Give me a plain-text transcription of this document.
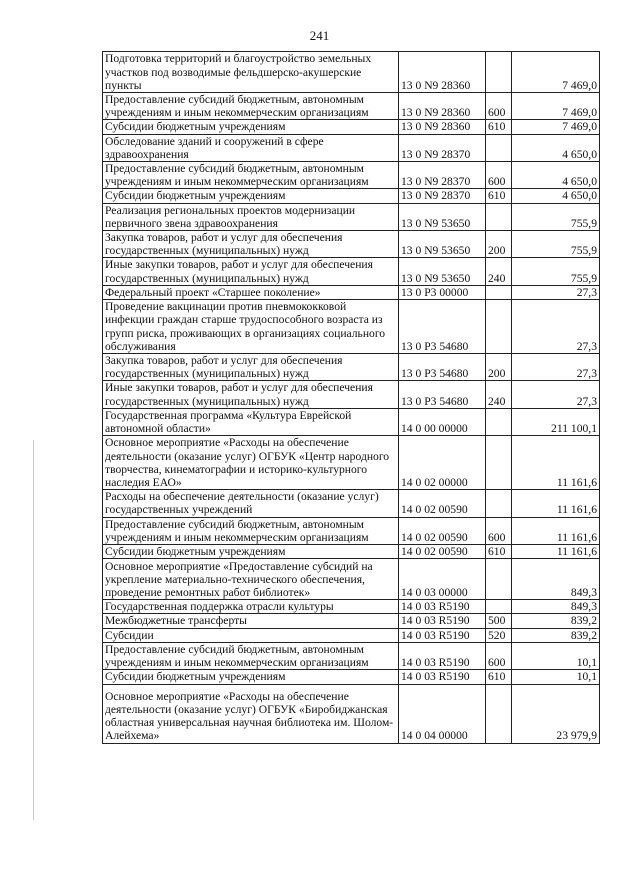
241
Подготовка территорий и благоустройство земельных участков под возводимые фельдшерско-акушерские пункты	13 0 N9 28360		7 469,0
Предоставление субсидий бюджетным, автономным учреждениям и иным некоммерческим организациям	13 0 N9 28360	600	7 469,0
Субсидии бюджетным учреждениям	13 0 N9 28360	610	7 469,0
Обследование зданий и сооружений в сфере здравоохранения	13 0 N9 28370		4 650,0
Предоставление субсидий бюджетным, автономным учреждениям и иным некоммерческим организациям	13 0 N9 28370	600	4 650,0
Субсидии бюджетным учреждениям	13 0 N9 28370	610	4 650,0
Реализация региональных проектов модернизации первичного звена здравоохранения	13 0 N9 53650		755,9
Закупка товаров, работ и услуг для обеспечения государственных (муниципальных) нужд	13 0 N9 53650	200	755,9
Иные закупки товаров, работ и услуг для обеспечения государственных (муниципальных) нужд	13 0 N9 53650	240	755,9
Федеральный проект «Старшее поколение»	13 0 P3 00000		27,3
Проведение вакцинации против пневмококковой инфекции граждан старше трудоспособного возраста из групп риска, проживающих в организациях социального обслуживания	13 0 P3 54680		27,3
Закупка товаров, работ и услуг для обеспечения государственных (муниципальных) нужд	13 0 P3 54680	200	27,3
Иные закупки товаров, работ и услуг для обеспечения государственных (муниципальных) нужд	13 0 P3 54680	240	27,3
Государственная программа «Культура Еврейской автономной области»	14 0 00 00000		211 100,1
Основное мероприятие «Расходы на обеспечение деятельности (оказание услуг) ОГБУК «Центр народного творчества, кинематографии и историко-культурного наследия ЕАО»	14 0 02 00000		11 161,6
Расходы на обеспечение деятельности (оказание услуг) государственных учреждений	14 0 02 00590		11 161,6
Предоставление субсидий бюджетным, автономным учреждениям и иным некоммерческим организациям	14 0 02 00590	600	11 161,6
Субсидии бюджетным учреждениям	14 0 02 00590	610	11 161,6
Основное мероприятие «Предоставление субсидий на укрепление материально-технического обеспечения, проведение ремонтных работ библиотек»	14 0 03 00000		849,3
Государственная поддержка отрасли культуры	14 0 03 R5190		849,3
Межбюджетные трансферты	14 0 03 R5190	500	839,2
Субсидии	14 0 03 R5190	520	839,2
Предоставление субсидий бюджетным, автономным учреждениям и иным некоммерческим организациям	14 0 03 R5190	600	10,1
Субсидии бюджетным учреждениям	14 0 03 R5190	610	10,1
Основное мероприятие «Расходы на обеспечение деятельности (оказание услуг) ОГБУК «Биробиджанская областная универсальная научная библиотека им. Шолом-Алейхема»	14 0 04 00000		23 979,9
